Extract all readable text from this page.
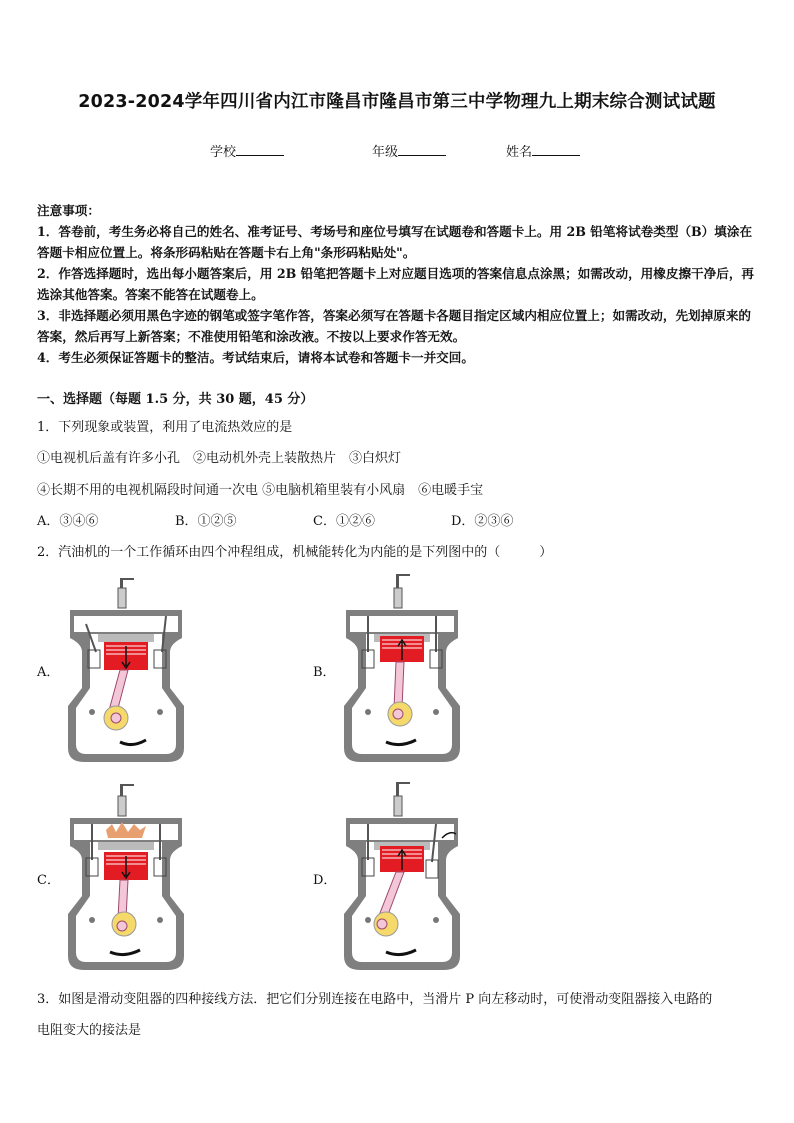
2023-2024学年四川省内江市隆昌市隆昌市第三中学物理九上期末综合测试试题
学校	年级	姓名
注意事项：
1．答卷前，考生务必将自己的姓名、准考证号、考场号和座位号填写在试题卷和答题卡上。用 2B 铅笔将试卷类型（B）填涂在答题卡相应位置上。将条形码粘贴在答题卡右上角"条形码粘贴处"。
2．作答选择题时，选出每小题答案后，用 2B 铅笔把答题卡上对应题目选项的答案信息点涂黑；如需改动，用橡皮擦干净后，再选涂其他答案。答案不能答在试题卷上。
3．非选择题必须用黑色字迹的钢笔或签字笔作答，答案必须写在答题卡各题目指定区域内相应位置上；如需改动，先划掉原来的答案，然后再写上新答案；不准使用铅笔和涂改液。不按以上要求作答无效。
4．考生必须保证答题卡的整洁。考试结束后，请将本试卷和答题卡一并交回。
一、选择题（每题 1.5 分，共 30 题，45 分）
1．下列现象或装置，利用了电流热效应的是
①电视机后盖有许多小孔　②电动机外壳上装散热片　③白炽灯
④长期不用的电视机隔段时间通一次电 ⑤电脑机箱里装有小风扇　⑥电暖手宝
A．③④⑥	B．①②⑤	C．①②⑥	D．②③⑥
2．汽油机的一个工作循环由四个冲程组成，机械能转化为内能的是下列图中的（　　　）
A．	B．
C．	D．
3．如图是滑动变阻器的四种接线方法．把它们分别连接在电路中，当滑片 P 向左移动时，可使滑动变阻器接入电路的
电阻变大的接法是
